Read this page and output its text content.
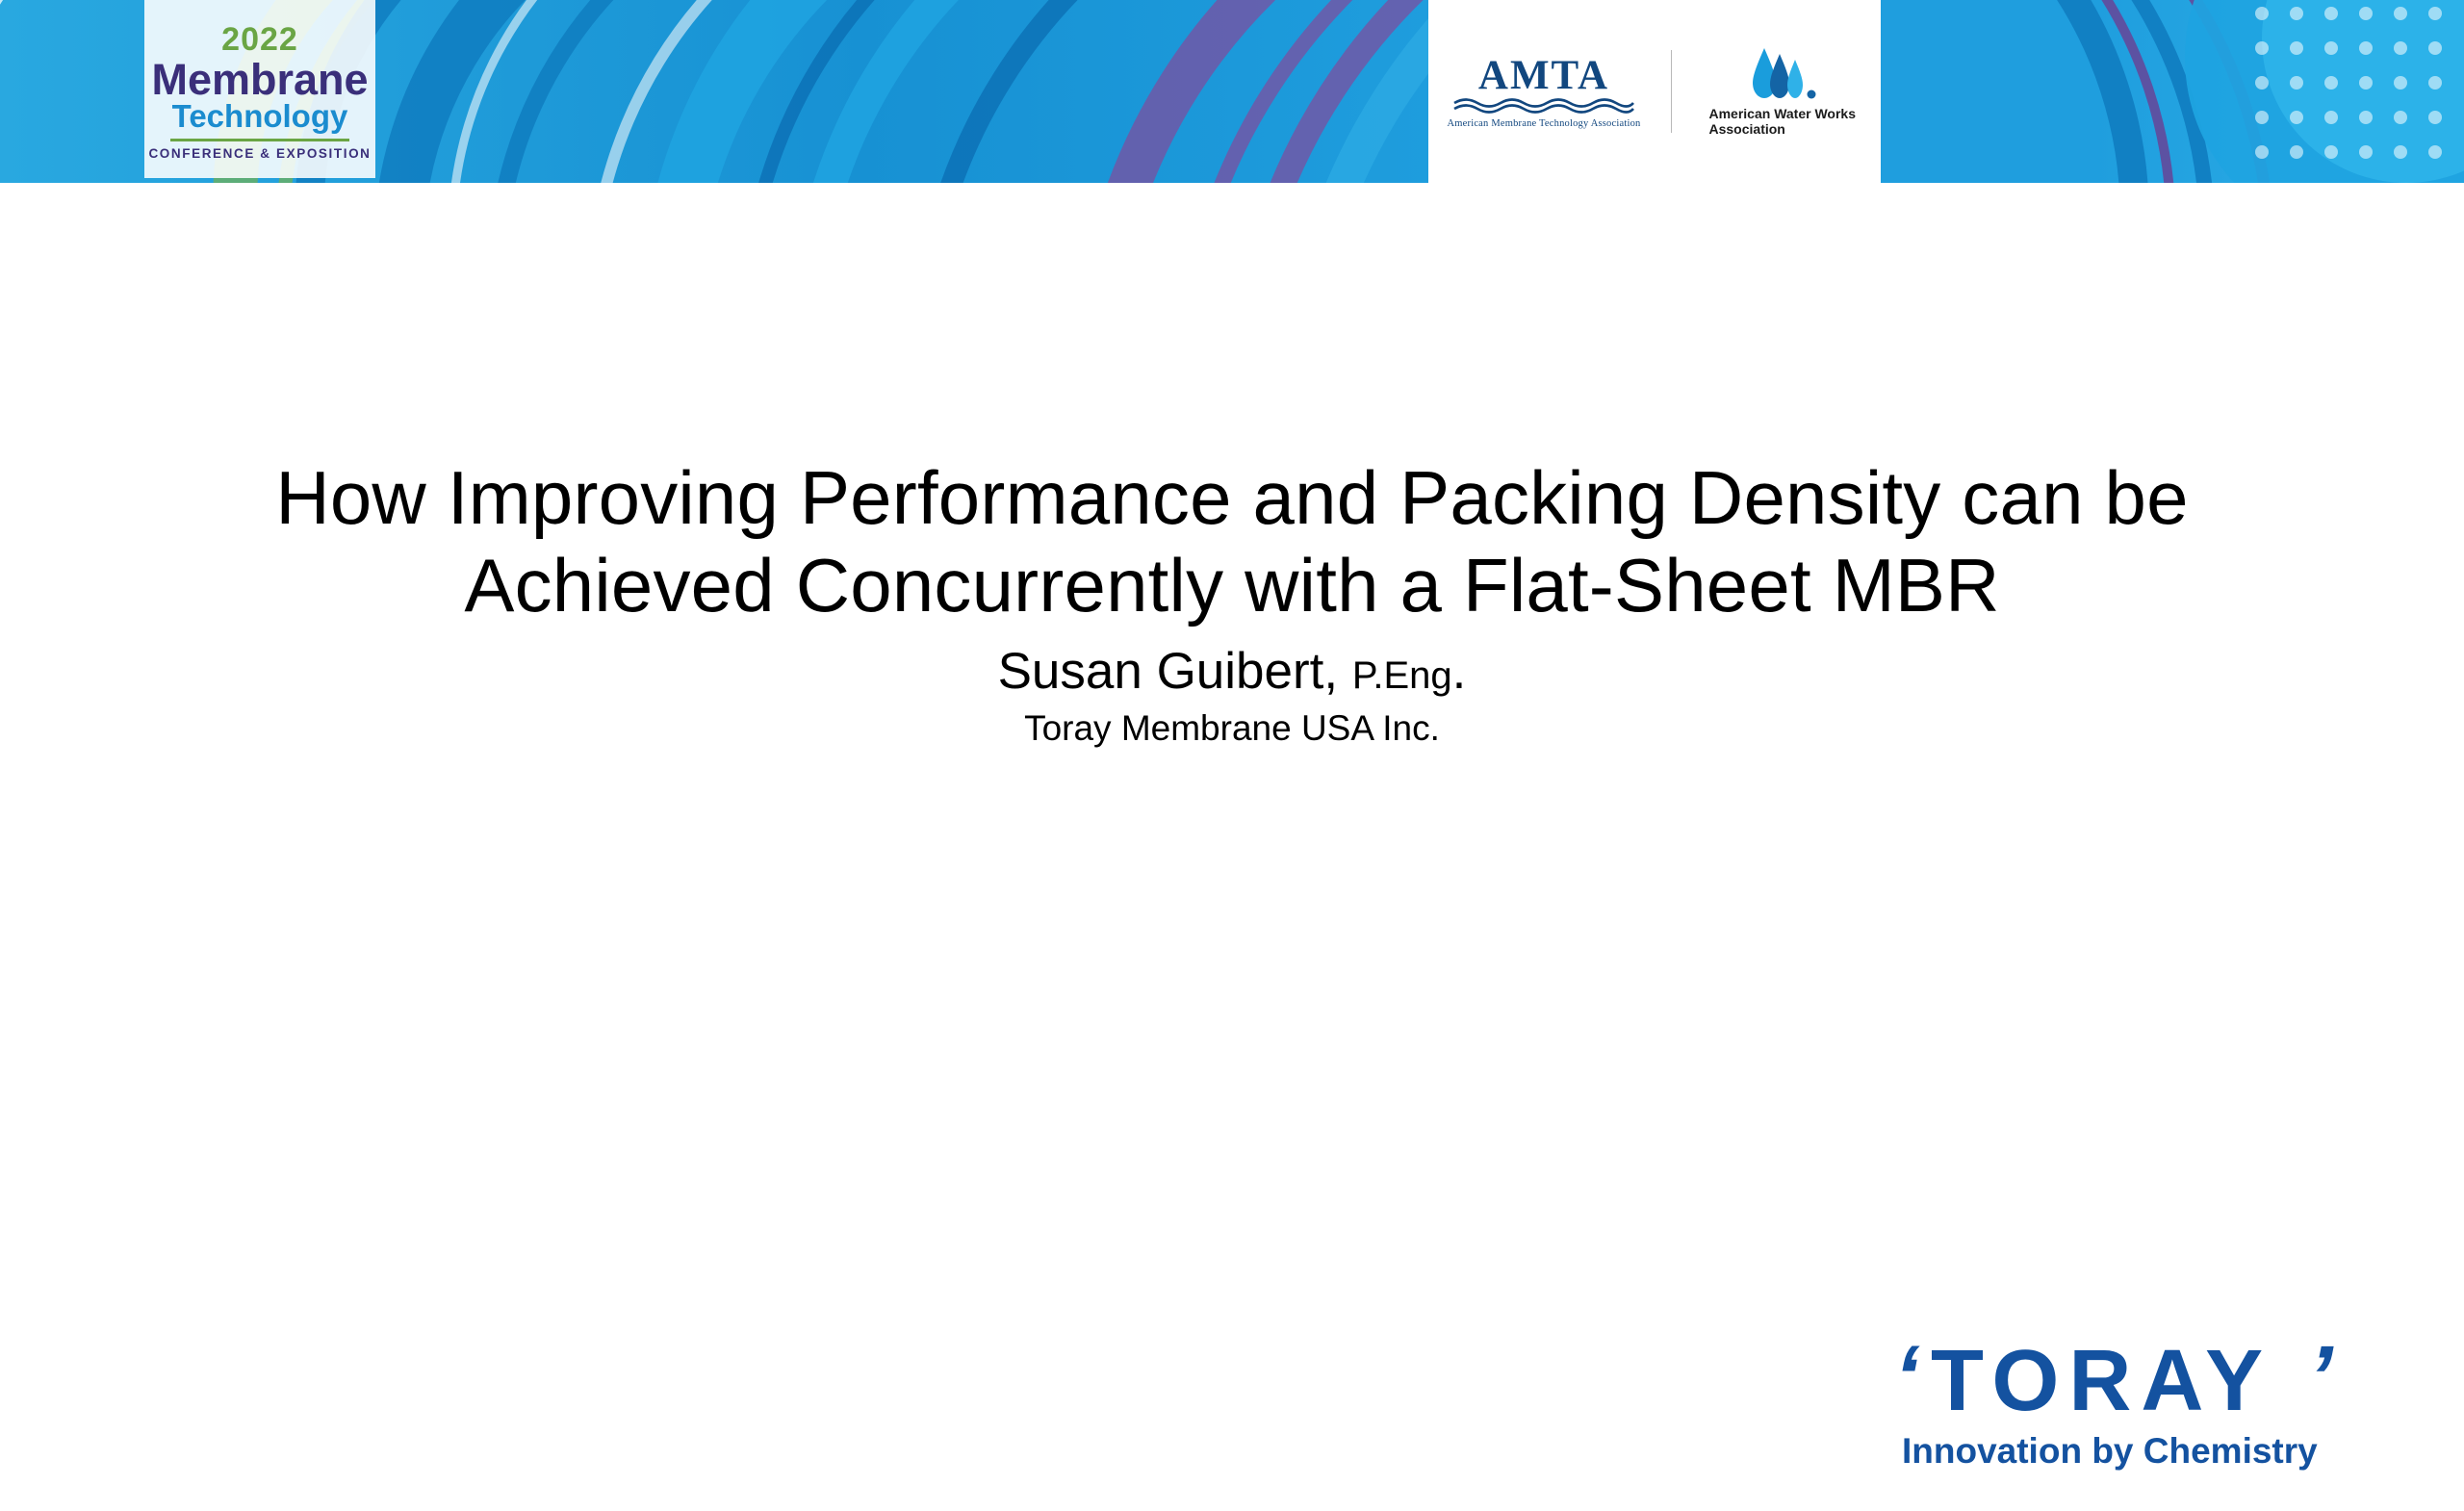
2022
Membrane
Technology
CONFERENCE & EXPOSITION
AMTA
American Membrane Technology Association
American Water Works
Association
How Improving Performance and Packing Density can be Achieved Concurrently with a Flat-Sheet MBR
Susan Guibert, P.Eng.
Toray Membrane USA Inc.
‘ TORAY ’
Innovation by Chemistry
